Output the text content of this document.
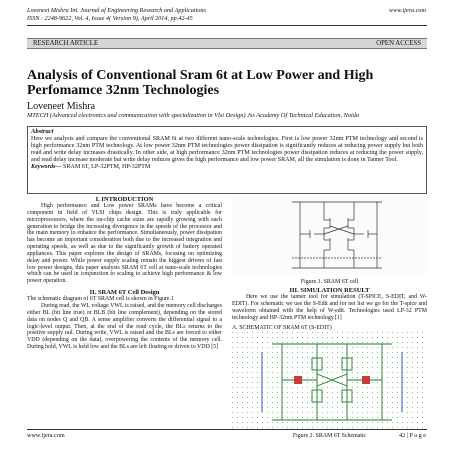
Loveneet Mishra Int. Journal of Engineering Research and Applications
ISSN : 2248-9622, Vol. 4, Issue 4( Version 9), April 2014, pp.42-45
www.ijera.com
RESEARCH ARTICLE	OPEN ACCESS
Analysis of Conventional Sram 6t at Low Power and High Perfomamce 32nm Technologies
Loveneet Mishra
MTECH (Advanced electronics and communication with specialization in Vlsi Design) Jss Academy Of Technical Education, Noida
Abstract
Here we analysis and compare the conventional SRAM 6t at two different nano-scale technologies. First is low power 32nm PTM technology and second is high performance 32nm PTM technology. At low power 32nm PTM technologies power dissipation is significantly reduces at reducing power supply but both read and write delay increases drastically. In other side, at high performance 32nm PTM technologies power dissipation reduces at reducing the power supply, and read delay increase moderate but write delay reduces gives the high performance and low power SRAM, all the simulation is done in Tanner Tool.
Keywords— SRAM 6T, LP-32PTM, HP-32PTM
I. INTRODUCTION
High performance and Low power SRAMs have become a critical component in field of VLSI chips design. This is truly applicable for microprocessors, where the on-chip cache sizes are rapidly growing with each generation to bridge the increasing divergence in the speeds of the processor and the main memory to enhance the performance. Simultaneously, power dissipation has become an important consideration both due to the increased integration and operating speeds, as well as due to the significantly growth of battery operated appliances. This paper explores the design of SRAMs, focusing on optimizing delay and power. While power supply scaling remain the biggest drivers of fast low power designs, this paper analysis SRAM 6T cell at nano-scale technologies which can be used in conjunction to scaling to achieve high performance & low power operation.
II. SRAM 6T Cell Design
The schematic diagram of 6T SRAM cell is shown in Figure.1
During read, the WL voltage VWL is raised, and the memory cell discharges either BL (bit line true) or BLB (bit line complement), depending on the stored data on nodes Q and QB. A sense amplifier converts the differential signal to a logic-level output. Then, at the end of the read cycle, the BLs returns to the positive supply rail. During write, VWL is raised and the BLs are forced to either VDD (depending on the data), overpowering the contents of the memory cell. During hold, VWL is held low and the BLs are left floating or driven to VDD [5]
Figure.1. SRAM 6T cell
III. SIMULATION RESULT
Here we use the tanner tool for simulation (T-SPICE, S-EDIT, and W-EDIT). For schematic we use the S-Edit and for net list we go for the T-spice and waveform obtained with the help of W-edit. Technologies used LP-32 PTM technology and HP-32nm PTM technology.[1]
A. SCHEMATIC OF SRAM 6T (S-EDIT)
Figure 2. SRAM 6T Schematic
www.ijera.com	42 | P a g e
